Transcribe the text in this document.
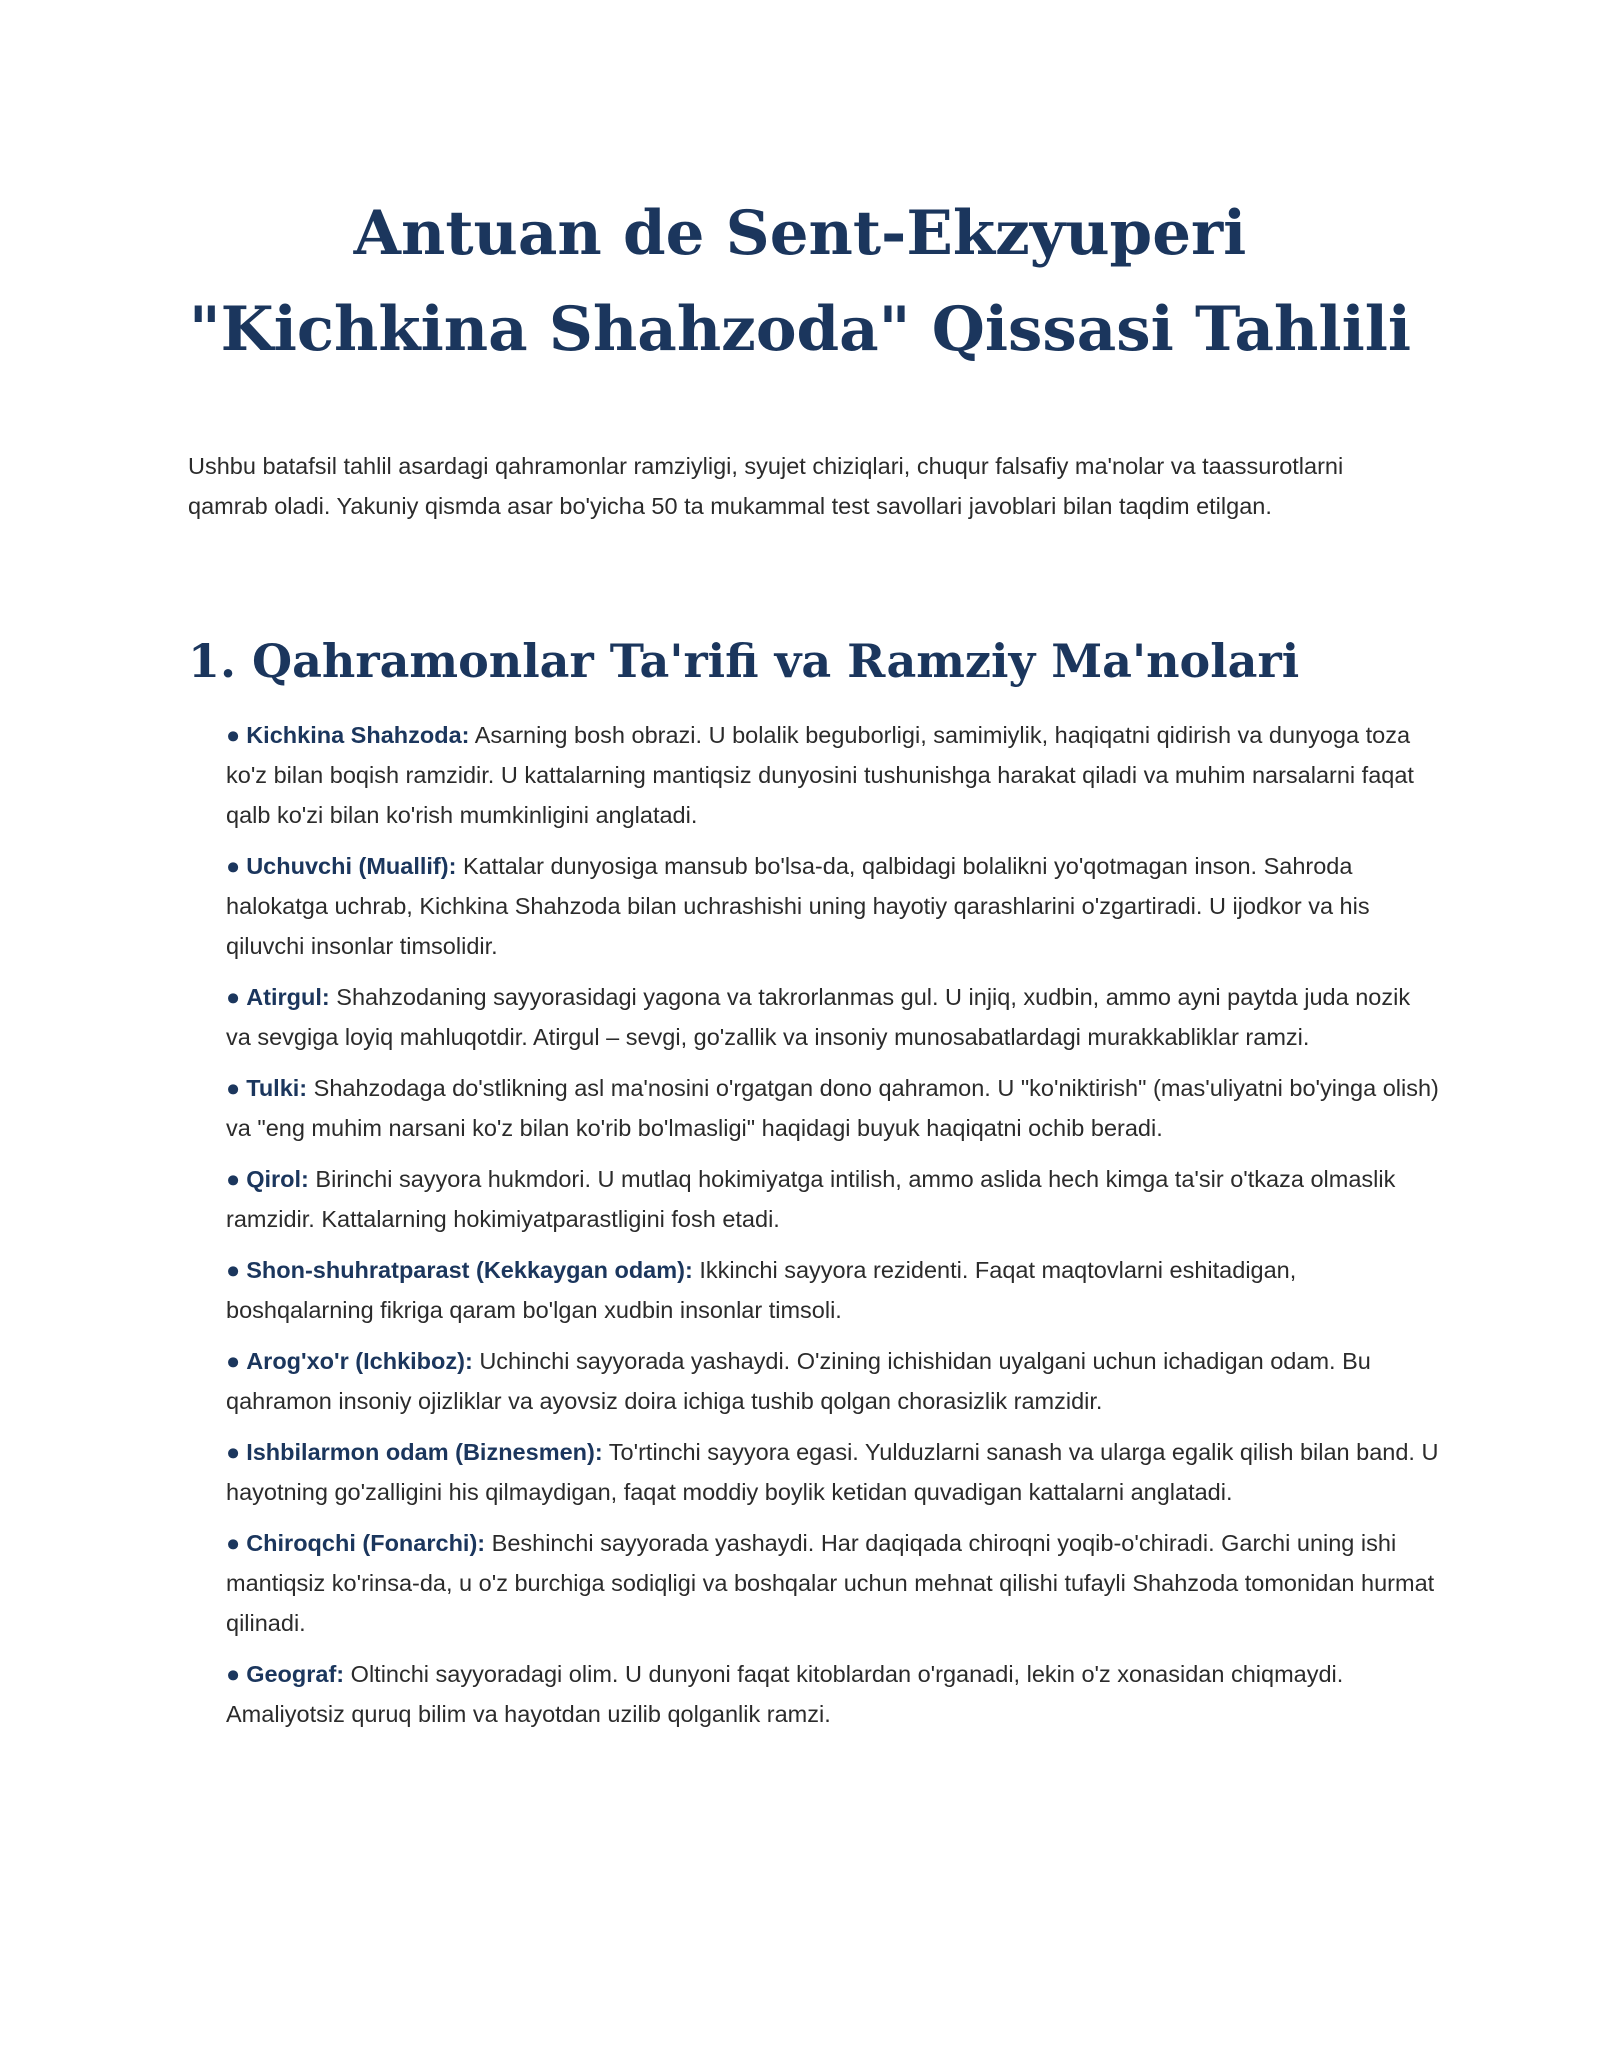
Antuan de Sent-Ekzyuperi
"Kichkina Shahzoda" Qissasi Tahlili

Ushbu batafsil tahlil asardagi qahramonlar ramziyligi, syujet chiziqlari, chuqur falsafiy ma'nolar va taassurotlarni qamrab oladi. Yakuniy qismda asar bo'yicha 50 ta mukammal test savollari javoblari bilan taqdim etilgan.

1. Qahramonlar Ta'rifi va Ramziy Ma'nolari
● Kichkina Shahzoda: Asarning bosh obrazi. U bolalik beguborligi, samimiylik, haqiqatni qidirish va dunyoga toza ko'z bilan boqish ramzidir. U kattalarning mantiqsiz dunyosini tushunishga harakat qiladi va muhim narsalarni faqat qalb ko'zi bilan ko'rish mumkinligini anglatadi.
● Uchuvchi (Muallif): Kattalar dunyosiga mansub bo'lsa-da, qalbidagi bolalikni yo'qotmagan inson. Sahroda halokatga uchrab, Kichkina Shahzoda bilan uchrashishi uning hayotiy qarashlarini o'zgartiradi. U ijodkor va his qiluvchi insonlar timsolidir.
● Atirgul: Shahzodaning sayyorasidagi yagona va takrorlanmas gul. U injiq, xudbin, ammo ayni paytda juda nozik va sevgiga loyiq mahluqotdir. Atirgul – sevgi, go'zallik va insoniy munosabatlardagi murakkabliklar ramzi.
● Tulki: Shahzodaga do'stlikning asl ma'nosini o'rgatgan dono qahramon. U "ko'niktirish" (mas'uliyatni bo'yinga olish) va "eng muhim narsani ko'z bilan ko'rib bo'lmasligi" haqidagi buyuk haqiqatni ochib beradi.
● Qirol: Birinchi sayyora hukmdori. U mutlaq hokimiyatga intilish, ammo aslida hech kimga ta'sir o'tkaza olmaslik ramzidir. Kattalarning hokimiyatparastligini fosh etadi.
● Shon-shuhratparast (Kekkaygan odam): Ikkinchi sayyora rezidenti. Faqat maqtovlarni eshitadigan, boshqalarning fikriga qaram bo'lgan xudbin insonlar timsoli.
● Arog'xo'r (Ichkiboz): Uchinchi sayyorada yashaydi. O'zining ichishidan uyalgani uchun ichadigan odam. Bu qahramon insoniy ojizliklar va ayovsiz doira ichiga tushib qolgan chorasizlik ramzidir.
● Ishbilarmon odam (Biznesmen): To'rtinchi sayyora egasi. Yulduzlarni sanash va ularga egalik qilish bilan band. U hayotning go'zalligini his qilmaydigan, faqat moddiy boylik ketidan quvadigan kattalarni anglatadi.
● Chiroqchi (Fonarchi): Beshinchi sayyorada yashaydi. Har daqiqada chiroqni yoqib-o'chiradi. Garchi uning ishi mantiqsiz ko'rinsa-da, u o'z burchiga sodiqligi va boshqalar uchun mehnat qilishi tufayli Shahzoda tomonidan hurmat qilinadi.
● Geograf: Oltinchi sayyoradagi olim. U dunyoni faqat kitoblardan o'rganadi, lekin o'z xonasidan chiqmaydi. Amaliyotsiz quruq bilim va hayotdan uzilib qolganlik ramzi.
